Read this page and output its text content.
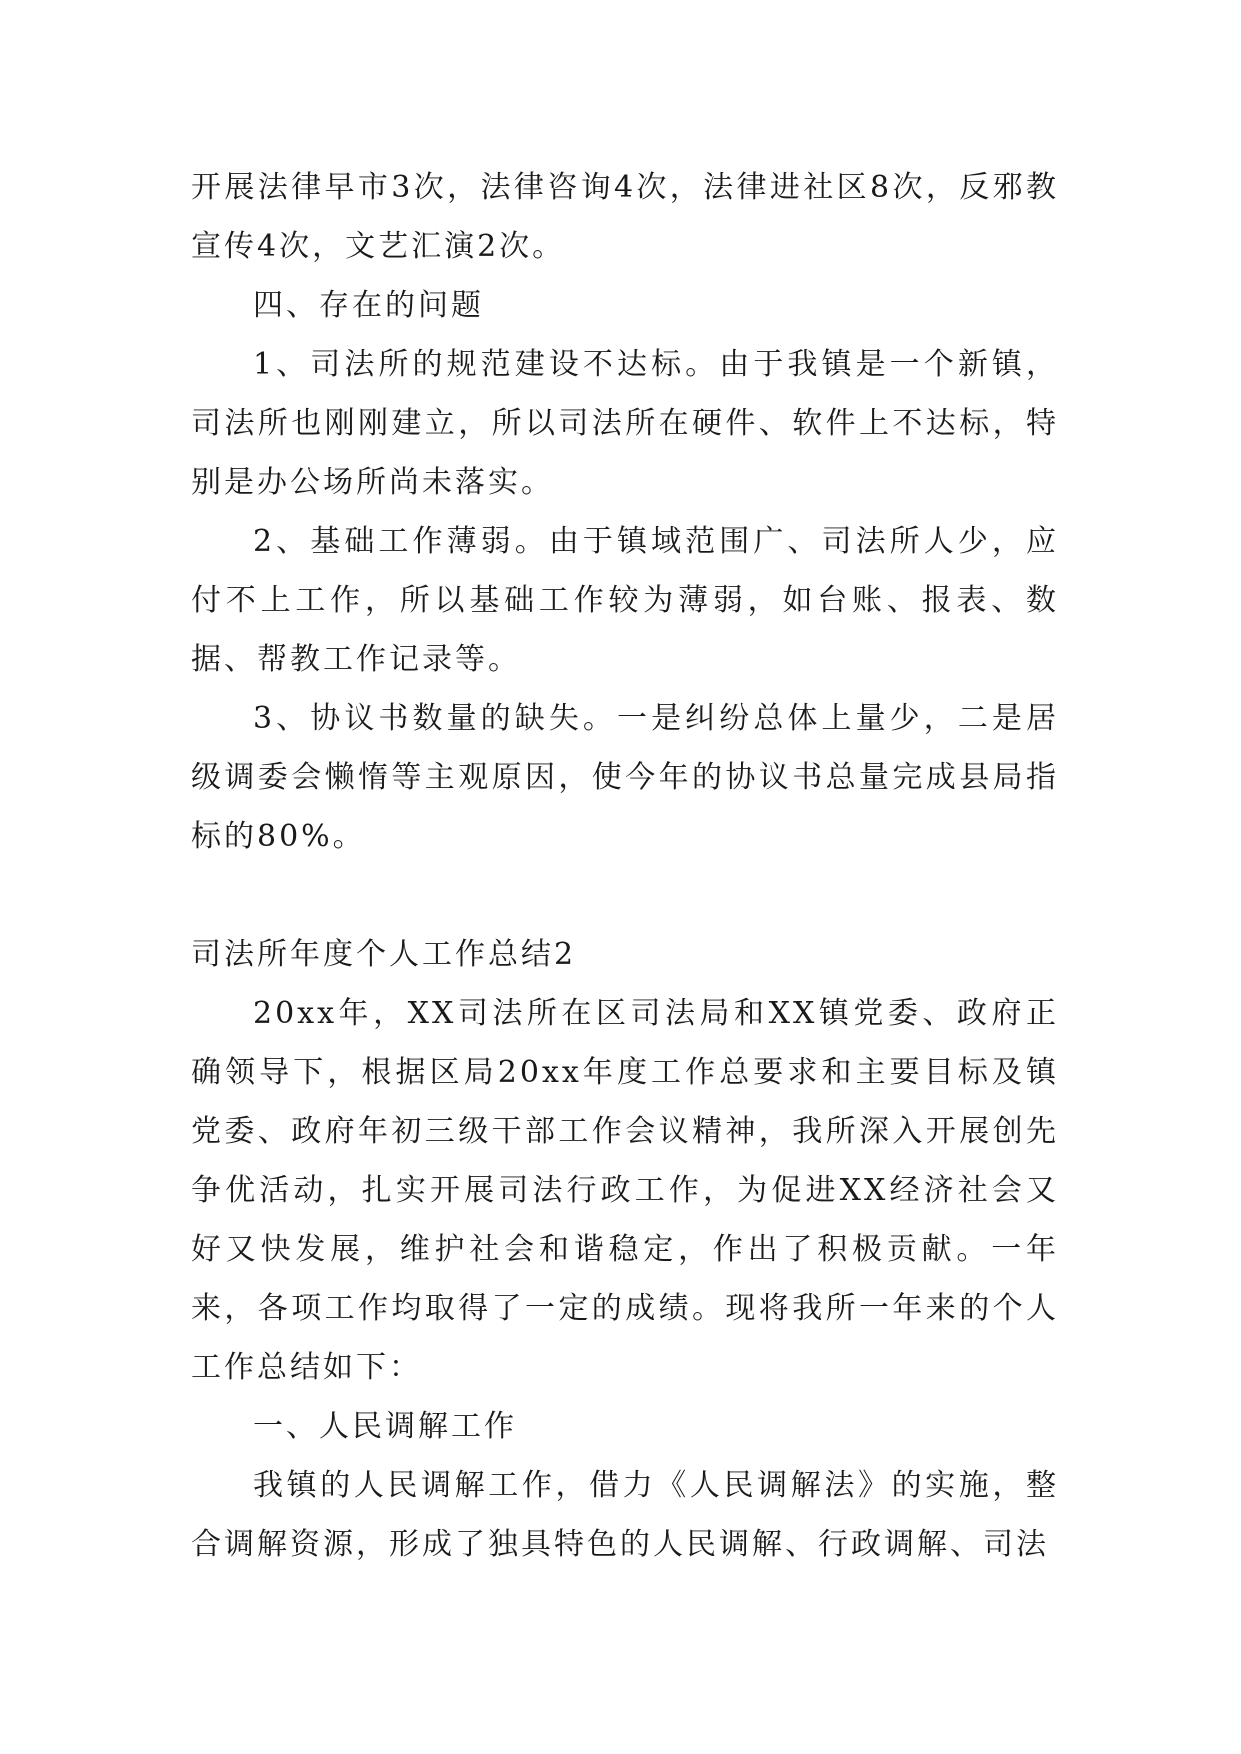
开展法律早市3次，法律咨询4次，法律进社区8次，反邪教宣传4次，文艺汇演2次。

四、存在的问题

1、司法所的规范建设不达标。由于我镇是一个新镇，司法所也刚刚建立，所以司法所在硬件、软件上不达标，特别是办公场所尚未落实。

2、基础工作薄弱。由于镇域范围广、司法所人少，应付不上工作，所以基础工作较为薄弱，如台账、报表、数据、帮教工作记录等。

3、协议书数量的缺失。一是纠纷总体上量少，二是居级调委会懒惰等主观原因，使今年的协议书总量完成县局指标的80%。

司法所年度个人工作总结2

20xx年，XX司法所在区司法局和XX镇党委、政府正确领导下，根据区局20xx年度工作总要求和主要目标及镇党委、政府年初三级干部工作会议精神，我所深入开展创先争优活动，扎实开展司法行政工作，为促进XX经济社会又好又快发展，维护社会和谐稳定，作出了积极贡献。一年来，各项工作均取得了一定的成绩。现将我所一年来的个人工作总结如下：

一、人民调解工作

我镇的人民调解工作，借力《人民调解法》的实施，整合调解资源，形成了独具特色的人民调解、行政调解、司法
